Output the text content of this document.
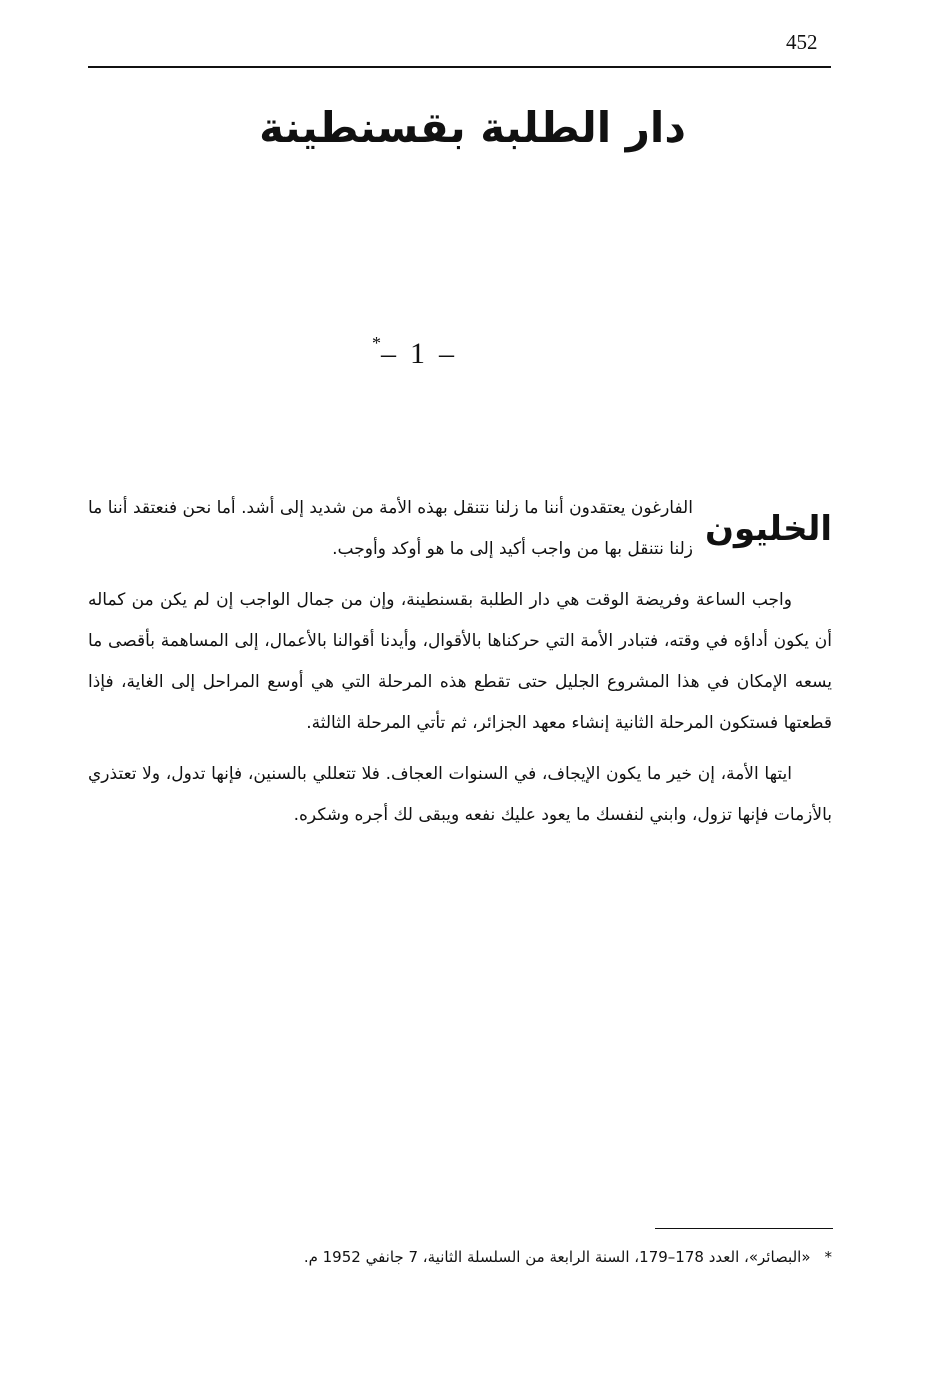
452
دار الطلبة بقسنطينة
*– 1 –

الخليون
الفارغون يعتقدون أننا ما زلنا نتنقل بهذه الأمة من شديد إلى أشد. أما نحن فنعتقد أننا ما زلنا نتنقل بها من واجب أكيد إلى ما هو أوكد وأوجب.

واجب الساعة وفريضة الوقت هي دار الطلبة بقسنطينة، وإن من جمال الواجب إن لم يكن من كماله أن يكون أداؤه في وقته، فتبادر الأمة التي حركناها بالأقوال، وأيدنا أقوالنا بالأعمال، إلى المساهمة بأقصى ما يسعه الإمكان في هذا المشروع الجليل حتى تقطع هذه المرحلة التي هي أوسع المراحل إلى الغاية، فإذا قطعتها فستكون المرحلة الثانية إنشاء معهد الجزائر، ثم تأتي المرحلة الثالثة.

ايتها الأمة، إن خير ما يكون الإيجاف، في السنوات العجاف. فلا تتعللي بالسنين، فإنها تدول، ولا تعتذري بالأزمات فإنها تزول، وابني لنفسك ما يعود عليك نفعه ويبقى لك أجره وشكره.

*«البصائر»، العدد 178–179، السنة الرابعة من السلسلة الثانية، 7 جانفي 1952 م.
